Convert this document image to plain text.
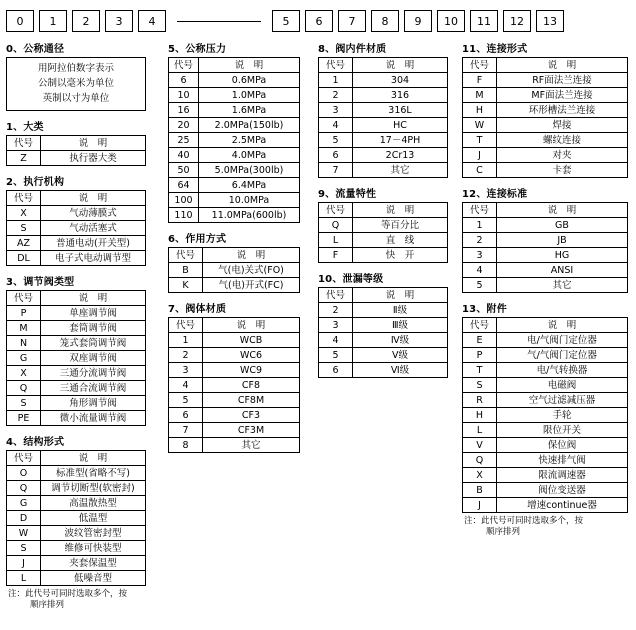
0	1	2	3	4	5	6	7	8	9	10	11	12	13
0、公称通径
用阿拉伯数字表示
公制以毫米为单位
英制以寸为单位
1、大类
代号	说　明
Z	执行器大类
2、执行机构
代号	说　明
X	气动薄膜式
S	气动活塞式
AZ	普通电动(开关型)
DL	电子式电动调节型
3、调节阀类型
代号	说　明
P	单座调节阀
M	套筒调节阀
N	笼式套筒调节阀
G	双座调节阀
X	三通分流调节阀
Q	三通合流调节阀
S	角形调节阀
PE	微小流量调节阀
4、结构形式
代号	说　明
O	标准型(省略不写)
Q	调节切断型(软密封)
G	高温散热型
D	低温型
W	波纹管密封型
S	维修可快装型
J	夹套保温型
L	低噪音型
注：此代号可同时选取多个，按
顺序排列
5、公称压力
代号	说　明
6	0.6MPa
10	1.0MPa
16	1.6MPa
20	2.0MPa(150lb)
25	2.5MPa
40	4.0MPa
50	5.0MPa(300lb)
64	6.4MPa
100	10.0MPa
110	11.0MPa(600lb)
6、作用方式
代号	说　明
B	气(电)关式(FO)
K	气(电)开式(FC)
7、阀体材质
代号	说　明
1	WCB
2	WC6
3	WC9
4	CF8
5	CF8M
6	CF3
7	CF3M
8	其它
8、阀内件材质
代号	说　明
1	304
2	316
3	316L
4	HC
5	17－4PH
6	2Cr13
7	其它
9、流量特性
代号	说　明
Q	等百分比
L	直　线
F	快　开
10、泄漏等级
代号	说　明
2	Ⅱ级
3	Ⅲ级
4	Ⅳ级
5	Ⅴ级
6	Ⅵ级
11、连接形式
代号	说　明
F	RF面法兰连接
M	MF面法兰连接
H	环形槽法兰连接
W	焊接
T	螺纹连接
J	对夹
C	卡套
12、连接标准
代号	说　明
1	GB
2	JB
3	HG
4	ANSI
5	其它
13、附件
代号	说　明
E	电/气阀门定位器
P	气/气阀门定位器
T	电/气转换器
S	电磁阀
R	空气过滤减压器
H	手轮
L	限位开关
V	保位阀
Q	快速排气阀
X	限流调速器
B	阀位变送器
J	增速continue器
注：此代号可同时选取多个，按
顺序排列
